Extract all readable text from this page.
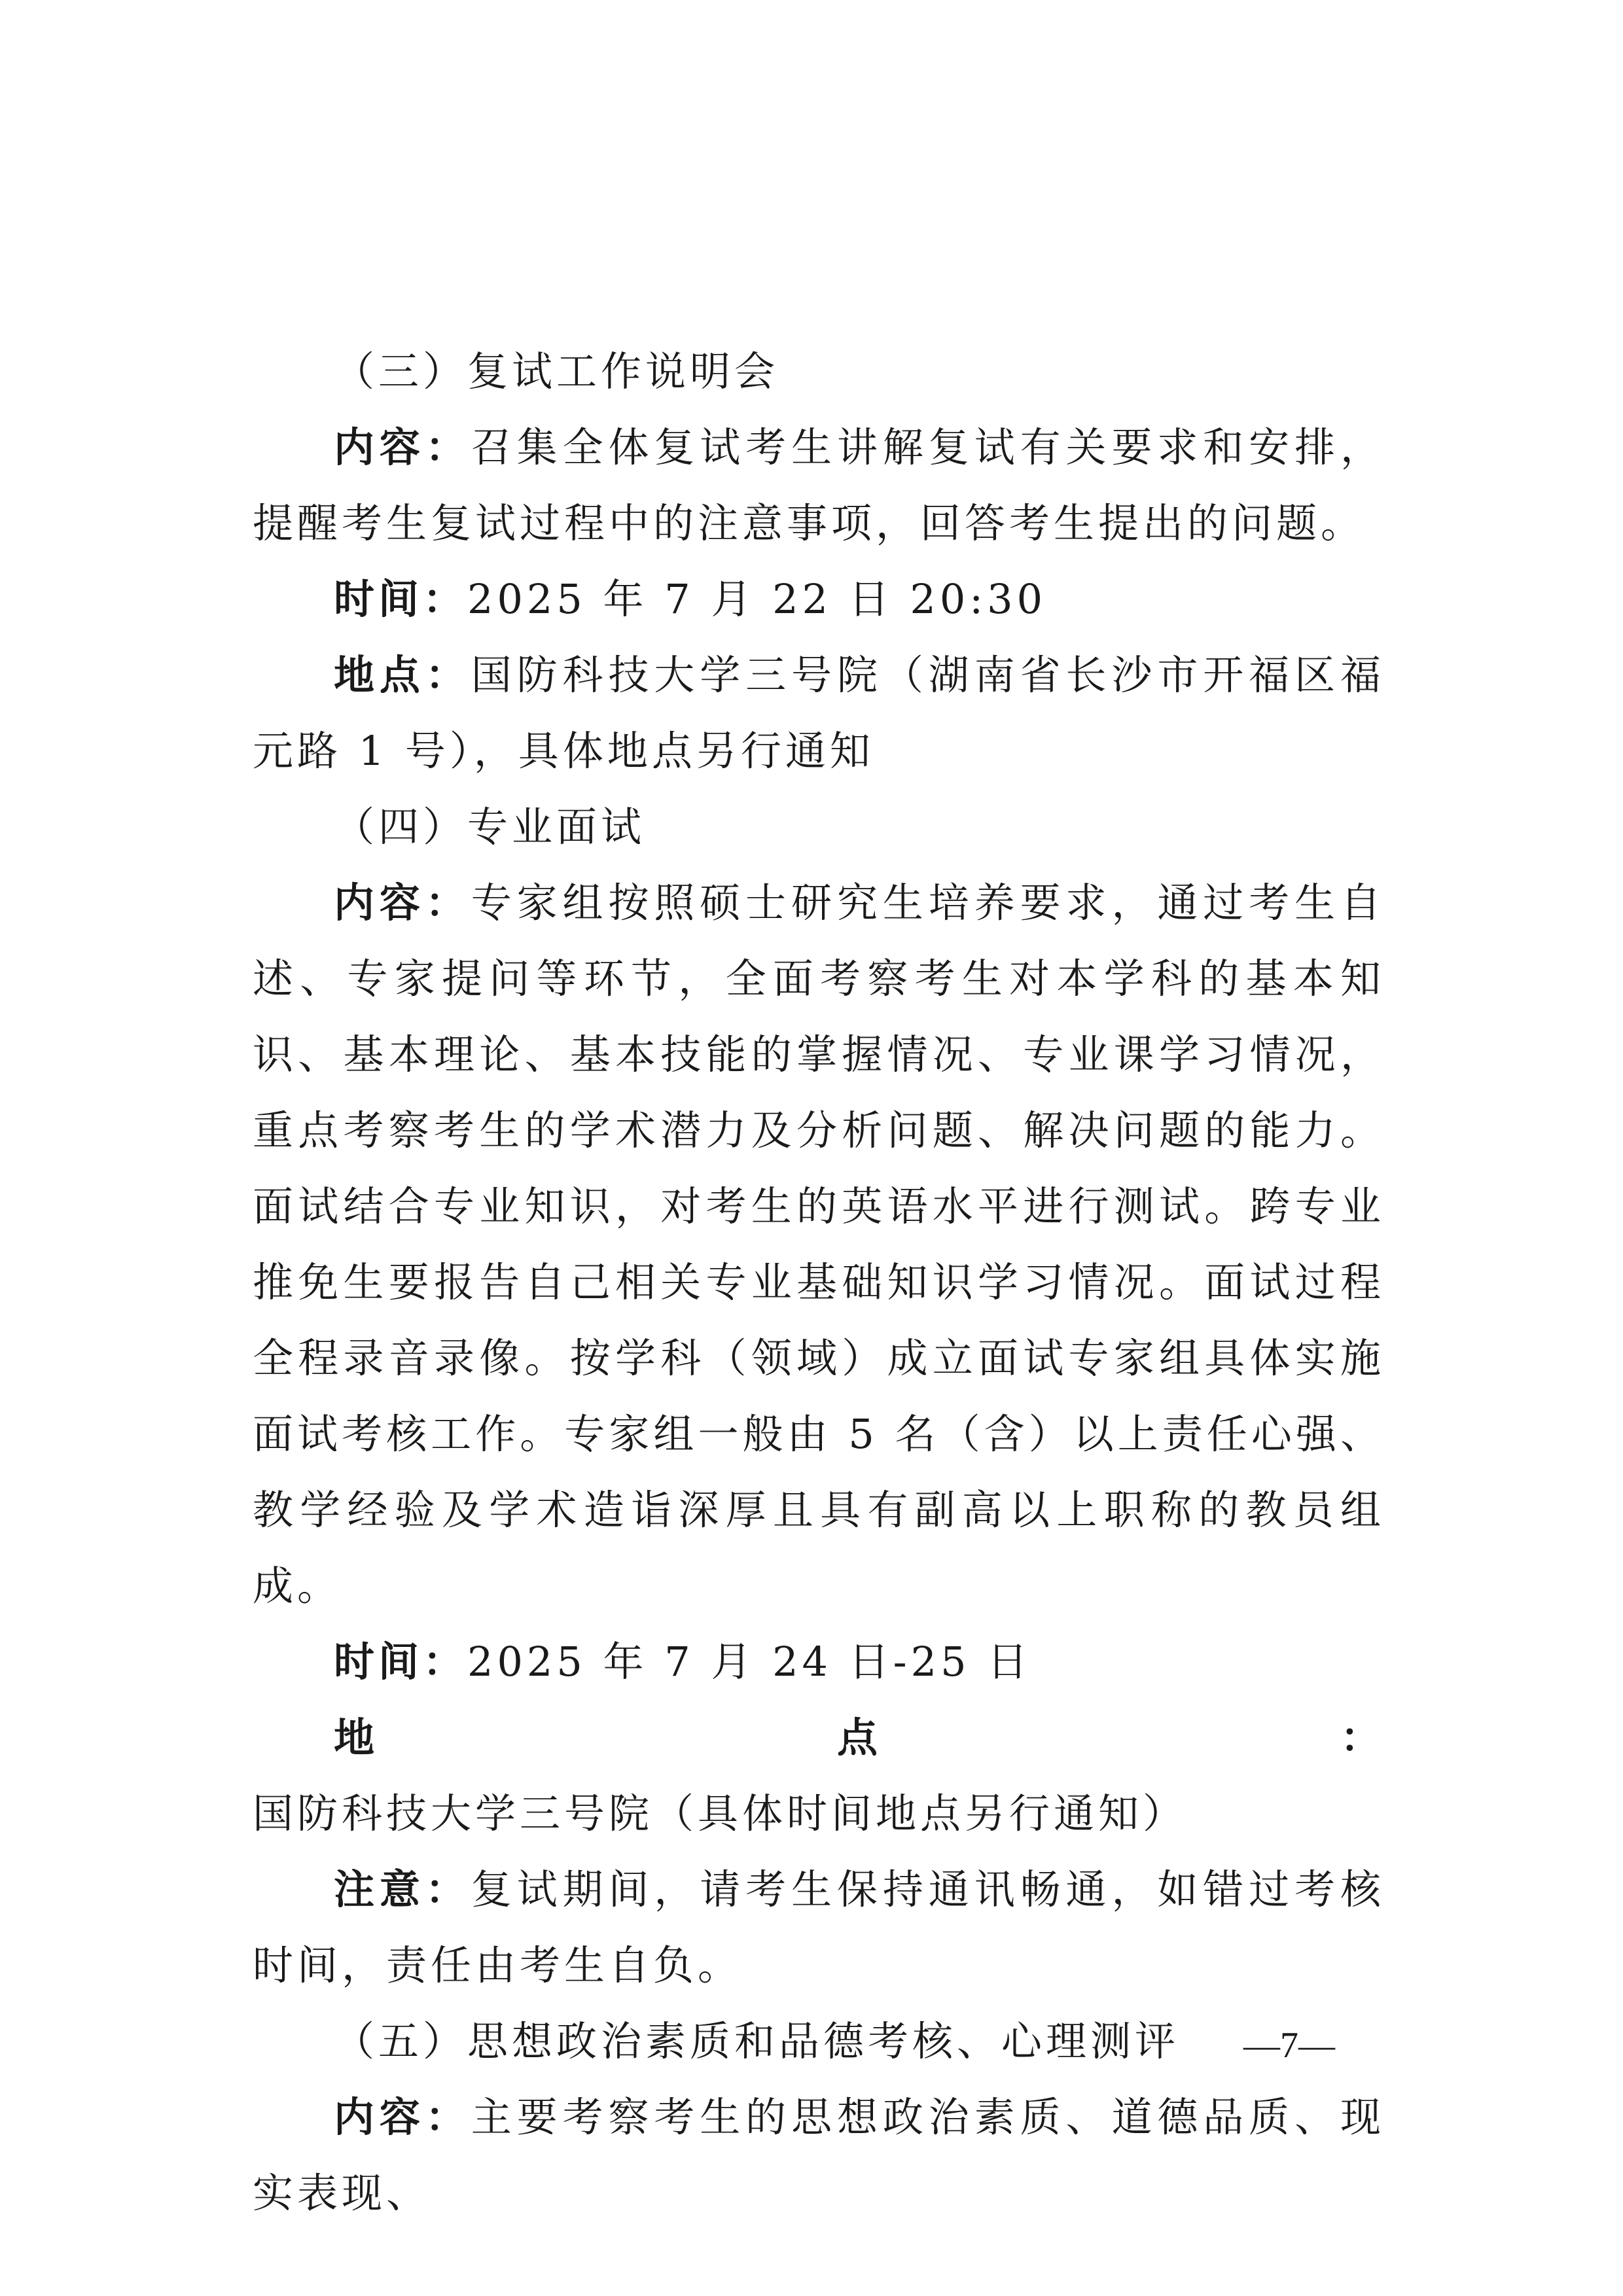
（三）复试工作说明会

内容：召集全体复试考生讲解复试有关要求和安排，提醒考生复试过程中的注意事项，回答考生提出的问题。

时间：2025 年 7 月 22 日 20:30

地点：国防科技大学三号院（湖南省长沙市开福区福元路 1 号），具体地点另行通知

（四）专业面试

内容：专家组按照硕士研究生培养要求，通过考生自述、专家提问等环节，全面考察考生对本学科的基本知识、基本理论、基本技能的掌握情况、专业课学习情况，重点考察考生的学术潜力及分析问题、解决问题的能力。面试结合专业知识，对考生的英语水平进行测试。跨专业推免生要报告自己相关专业基础知识学习情况。面试过程全程录音录像。按学科（领域）成立面试专家组具体实施面试考核工作。专家组一般由 5 名（含）以上责任心强、教学经验及学术造诣深厚且具有副高以上职称的教员组成。

时间：2025 年 7 月 24 日-25 日

地点：国防科技大学三号院（具体时间地点另行通知）

注意：复试期间，请考生保持通讯畅通，如错过考核时间，责任由考生自负。

（五）思想政治素质和品德考核、心理测评

内容：主要考察考生的思想政治素质、道德品质、现实表现、

—7—
